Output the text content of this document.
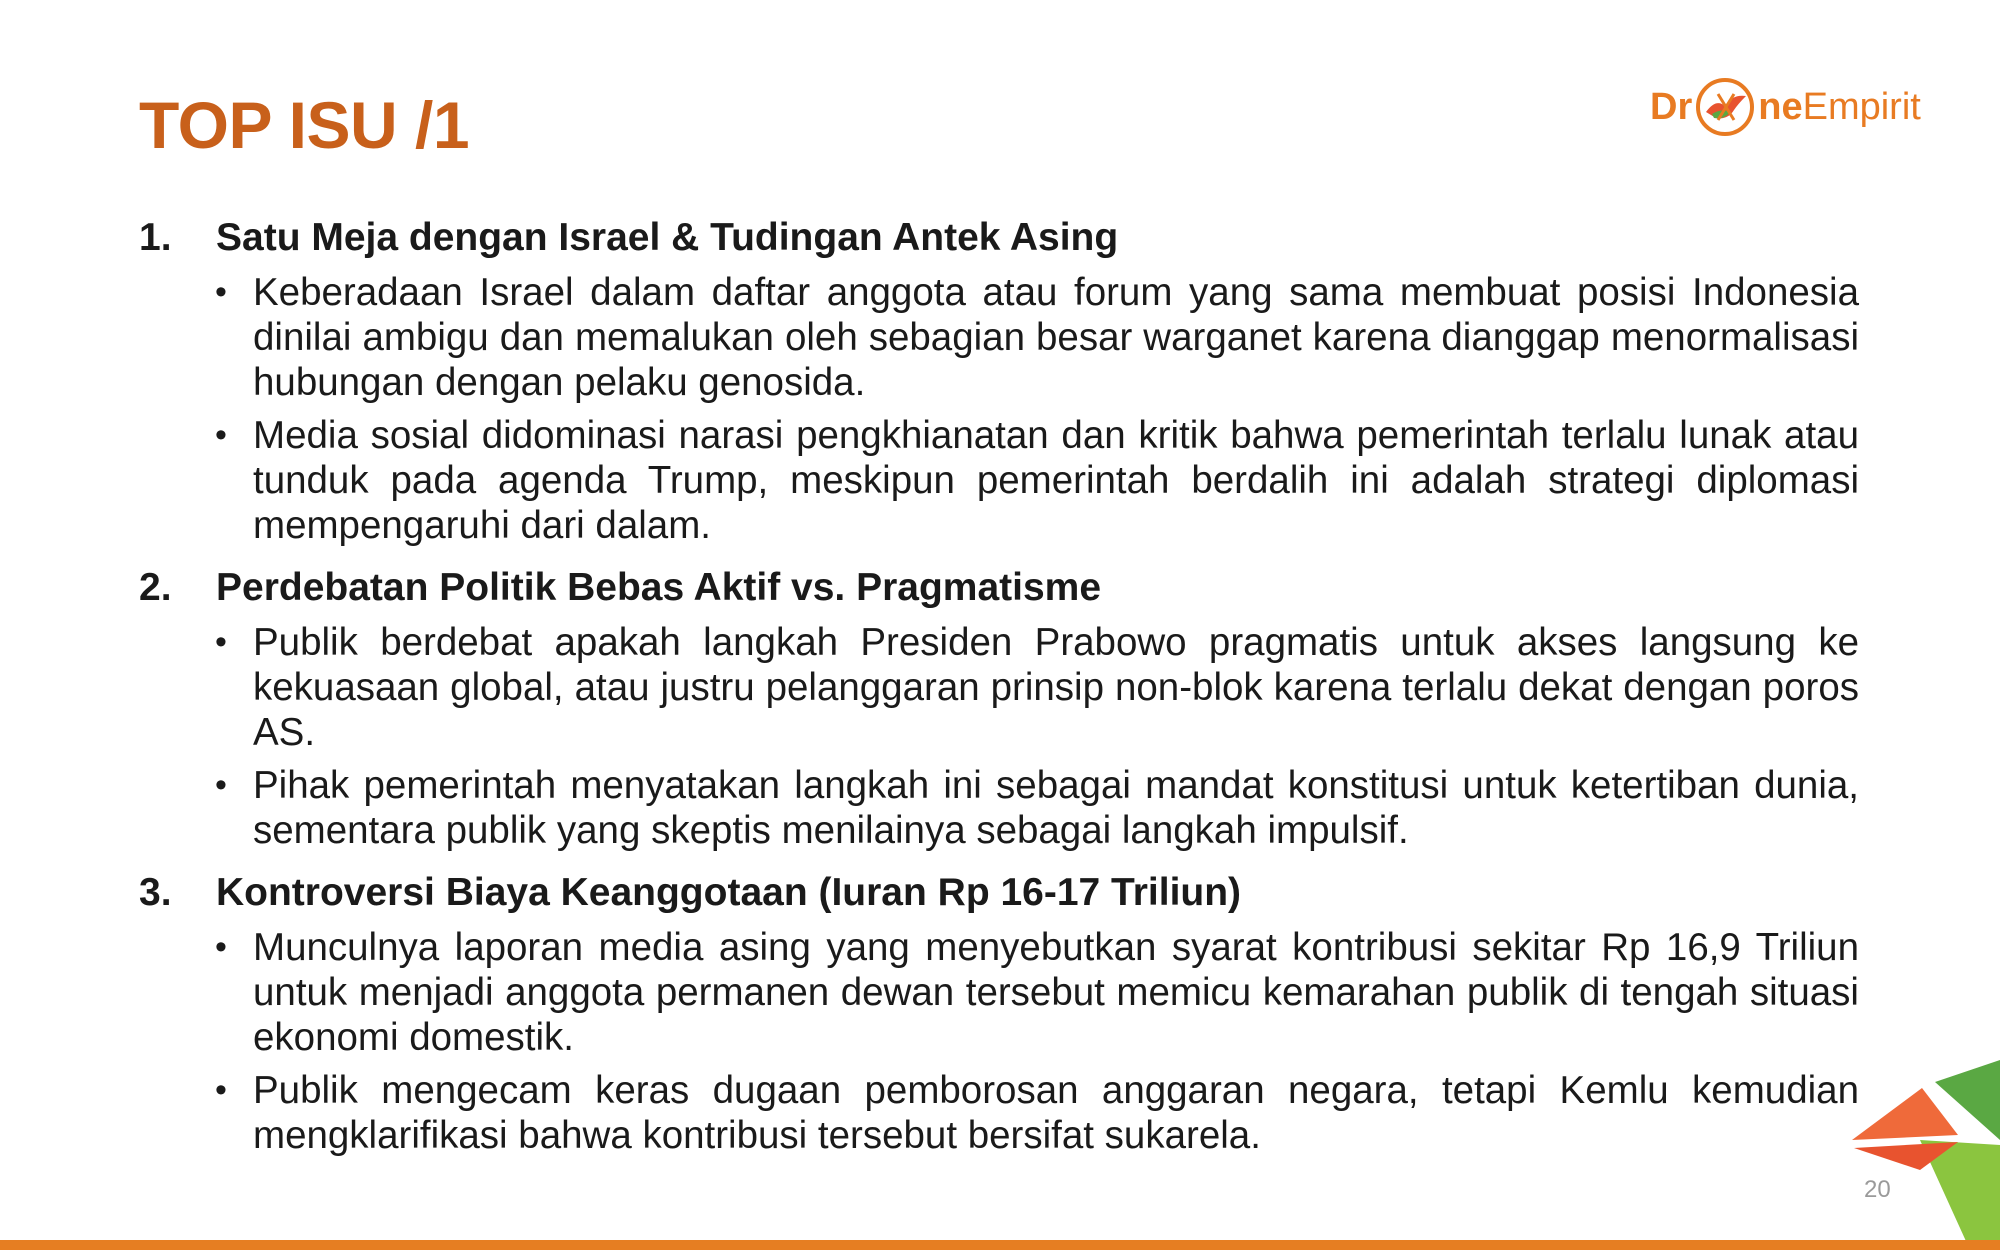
TOP ISU /1	Dr ne Empirit
1.	Satu Meja dengan Israel & Tudingan Antek Asing
• Keberadaan Israel dalam daftar anggota atau forum yang sama membuat posisi Indonesia dinilai ambigu dan memalukan oleh sebagian besar warganet karena dianggap menormalisasi hubungan dengan pelaku genosida.
• Media sosial didominasi narasi pengkhianatan dan kritik bahwa pemerintah terlalu lunak atau tunduk pada agenda Trump, meskipun pemerintah berdalih ini adalah strategi diplomasi mempengaruhi dari dalam.
2.	Perdebatan Politik Bebas Aktif vs. Pragmatisme
• Publik berdebat apakah langkah Presiden Prabowo pragmatis untuk akses langsung ke kekuasaan global, atau justru pelanggaran prinsip non-blok karena terlalu dekat dengan poros AS.
• Pihak pemerintah menyatakan langkah ini sebagai mandat konstitusi untuk ketertiban dunia, sementara publik yang skeptis menilainya sebagai langkah impulsif.
3.	Kontroversi Biaya Keanggotaan (Iuran Rp 16-17 Triliun)
• Munculnya laporan media asing yang menyebutkan syarat kontribusi sekitar Rp 16,9 Triliun untuk menjadi anggota permanen dewan tersebut memicu kemarahan publik di tengah situasi ekonomi domestik.
• Publik mengecam keras dugaan pemborosan anggaran negara, tetapi Kemlu kemudian mengklarifikasi bahwa kontribusi tersebut bersifat sukarela.
20
